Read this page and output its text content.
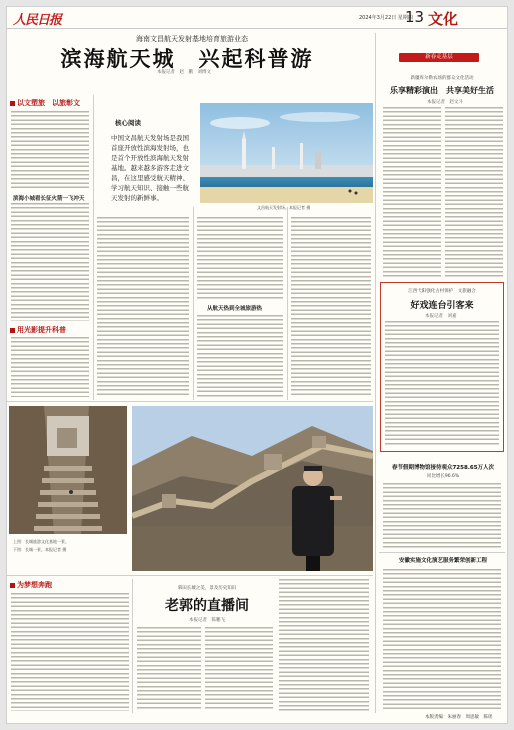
人民日报	2024年3月22日 星期四
13 文化
海南文昌航天发射基地培育旅游业态
滨海航天城　兴起科普游
本报记者　赵　鹏　刘博文
以文塑旅　以旅彰文
滨海小城看长征火箭一飞冲天
用光影提升科普
核心阅读
中国文昌航天发射场是我国首座开放性滨海发射场，也是首个开放性滨海航天发射基地。越来越多游客走进文昌，在这里感受航天精神、学习航天知识、接触一些航天发射的新鲜事。
文昌航天发射场。本报记者 摄
从航天热到全城旅游热
新春走基层
新疆库尔勒农场的群众文化活动
乐享精彩演出　共享美好生活
本报记者　赵文斗
江西弋阳强化古村保护　文旅融合
好戏连台引客来
本报记者　刘嘉
春节假期博物馆接待观众7258.65万人次
同比增长96.6%
安徽实施文化演艺服务繁荣创新工程
上图：长城旅游文化基地一景。
下图：长城一景。本报记者 摄
为梦想奔跑	慕田长城之美，景及历史知识
老郭的直播间
本报记者　陈鹏飞
本版责编：朱丽春　周思敏　陈瑶
